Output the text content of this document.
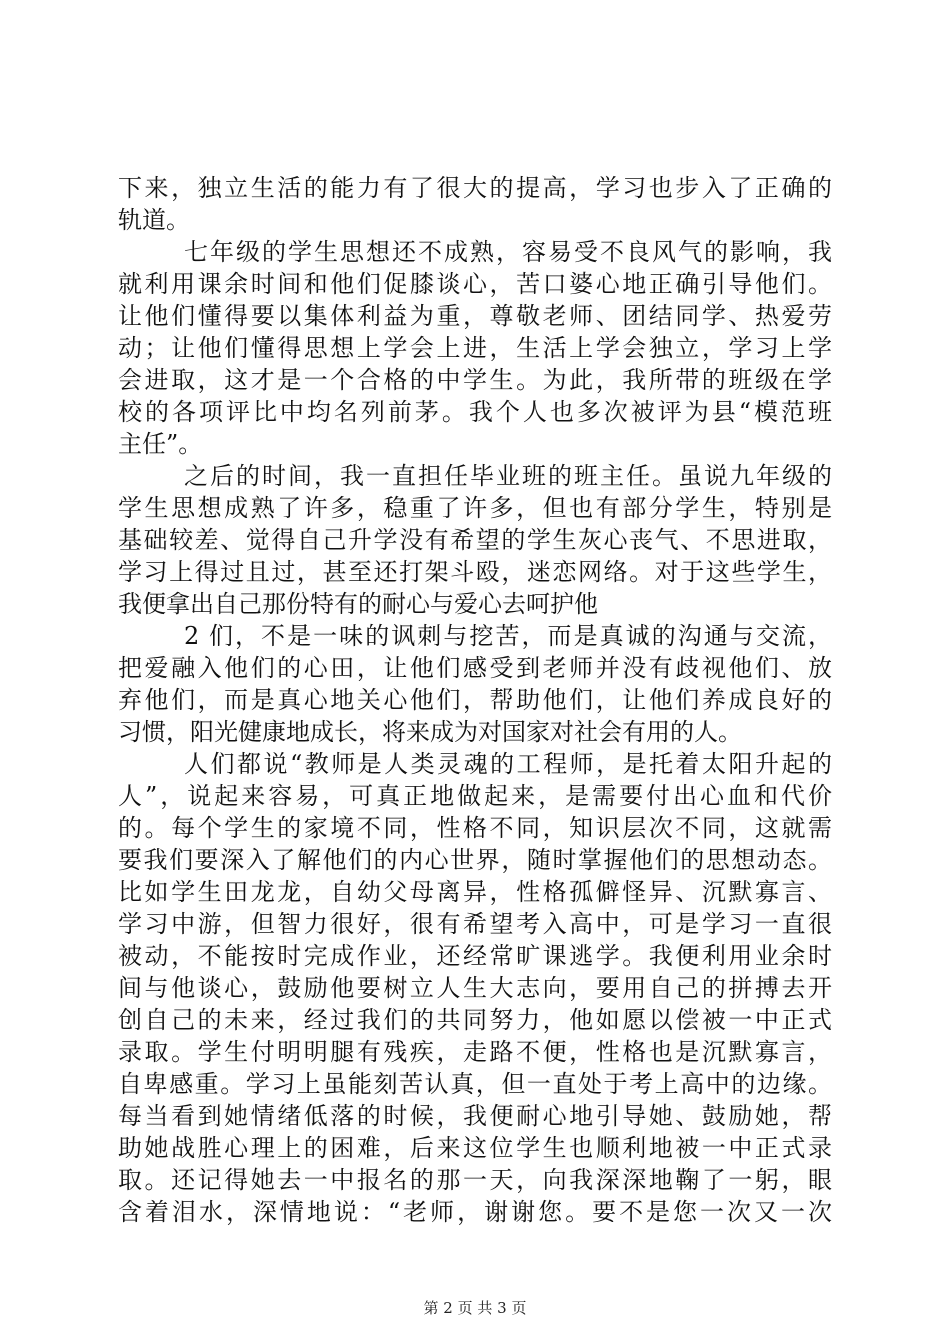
下来，独立生活的能力有了很大的提高，学习也步入了正确的
轨道。
七年级的学生思想还不成熟，容易受不良风气的影响，我
就利用课余时间和他们促膝谈心，苦口婆心地正确引导他们。
让他们懂得要以集体利益为重，尊敬老师、团结同学、热爱劳
动；让他们懂得思想上学会上进，生活上学会独立，学习上学
会进取，这才是一个合格的中学生。为此，我所带的班级在学
校的各项评比中均名列前茅。我个人也多次被评为县“模范班
主任”。
之后的时间，我一直担任毕业班的班主任。虽说九年级的
学生思想成熟了许多，稳重了许多，但也有部分学生，特别是
基础较差、觉得自己升学没有希望的学生灰心丧气、不思进取，
学习上得过且过，甚至还打架斗殴，迷恋网络。对于这些学生，
我便拿出自己那份特有的耐心与爱心去呵护他
2 们，不是一味的讽刺与挖苦，而是真诚的沟通与交流，
把爱融入他们的心田，让他们感受到老师并没有歧视他们、放
弃他们，而是真心地关心他们，帮助他们，让他们养成良好的
习惯，阳光健康地成长，将来成为对国家对社会有用的人。
人们都说“教师是人类灵魂的工程师，是托着太阳升起的
人”，说起来容易，可真正地做起来，是需要付出心血和代价
的。每个学生的家境不同，性格不同，知识层次不同，这就需
要我们要深入了解他们的内心世界，随时掌握他们的思想动态。
比如学生田龙龙，自幼父母离异，性格孤僻怪异、沉默寡言、
学习中游，但智力很好，很有希望考入高中，可是学习一直很
被动，不能按时完成作业，还经常旷课逃学。我便利用业余时
间与他谈心，鼓励他要树立人生大志向，要用自己的拼搏去开
创自己的未来，经过我们的共同努力，他如愿以偿被一中正式
录取。学生付明明腿有残疾，走路不便，性格也是沉默寡言，
自卑感重。学习上虽能刻苦认真，但一直处于考上高中的边缘。
每当看到她情绪低落的时候，我便耐心地引导她、鼓励她，帮
助她战胜心理上的困难，后来这位学生也顺利地被一中正式录
取。还记得她去一中报名的那一天，向我深深地鞠了一躬，眼
含着泪水，深情地说：“老师，谢谢您。要不是您一次又一次
第 2 页 共 3 页
